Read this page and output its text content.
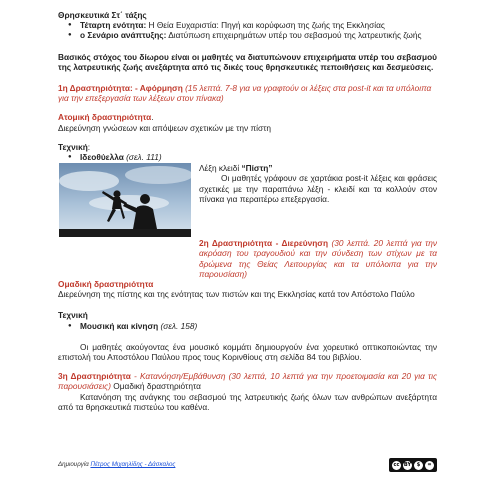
Θρησκευτικά Στ΄ τάξης

● Τέταρτη ενότητα: Η Θεία Ευχαριστία: Πηγή και κορύφωση της ζωής της Εκκλησίας
● ο Σενάριο ανάπτυξης: Διατύπωση επιχειρημάτων υπέρ του σεβασμού της λατρευτικής ζωής

Βασικός στόχος του δίωρου είναι οι μαθητές να διατυπώνουν επιχειρήματα υπέρ του σεβασμού της λατρευτικής ζωής ανεξάρτητα από τις δικές τους θρησκευτικές πεποιθήσεις και δεσμεύσεις.

1η Δραστηριότητα: - Αφόρμηση (15 λεπτά. 7-8 για να γραφτούν οι λέξεις στα post-it και τα υπόλοιπα για την επεξεργασία των λέξεων στον πίνακα)

Ατομική δραστηριότητα.

Διερεύνηση γνώσεων και απόψεων σχετικών με την πίστη

Τεχνική:

● Ιδεοθύελλα (σελ. 111)

Λέξη κλειδί “Πίστη”

Οι μαθητές γράφουν σε χαρτάκια post-it λέξεις και φράσεις σχετικές με την παραπάνω λέξη - κλειδί και τα κολλούν στον πίνακα για περαιτέρω επεξεργασία.

2η Δραστηριότητα - Διερεύνηση (30 λεπτά. 20 λεπτά για την ακρόαση του τραγουδιού και την σύνδεση των στίχων με τα δρώμενα της Θείας Λειτουργίας και τα υπόλοιπα για την παρουσίαση)

Ομαδική δραστηριότητα

Διερεύνηση της πίστης και της ενότητας των πιστών και της Εκκλησίας κατά τον Απόστολο Παύλο

Τεχνική

● Μουσική και κίνηση (σελ. 158)

Οι μαθητές ακούγοντας ένα μουσικό κομμάτι δημιουργούν ένα χορευτικό οπτικοποιώντας την επιστολή του Αποστόλου Παύλου προς τους Κορινθίους στη σελίδα 84 του βιβλίου.

3η Δραστηριότητα - Κατανόηση/Εμβάθυνση (30 λεπτά, 10 λεπτά για την προετοιμασία και 20 για τις παρουσιάσεις) Ομαδική δραστηριότητα

Κατανόηση της ανάγκης του σεβασμού της λατρευτικής ζωής όλων των ανθρώπων ανεξάρτητα από τα θρησκευτικά πιστεύω του καθένα.

Δημιουργία Πέτρος Μιχαηλίδης - Δάσκαλος	cc BY	$	=
